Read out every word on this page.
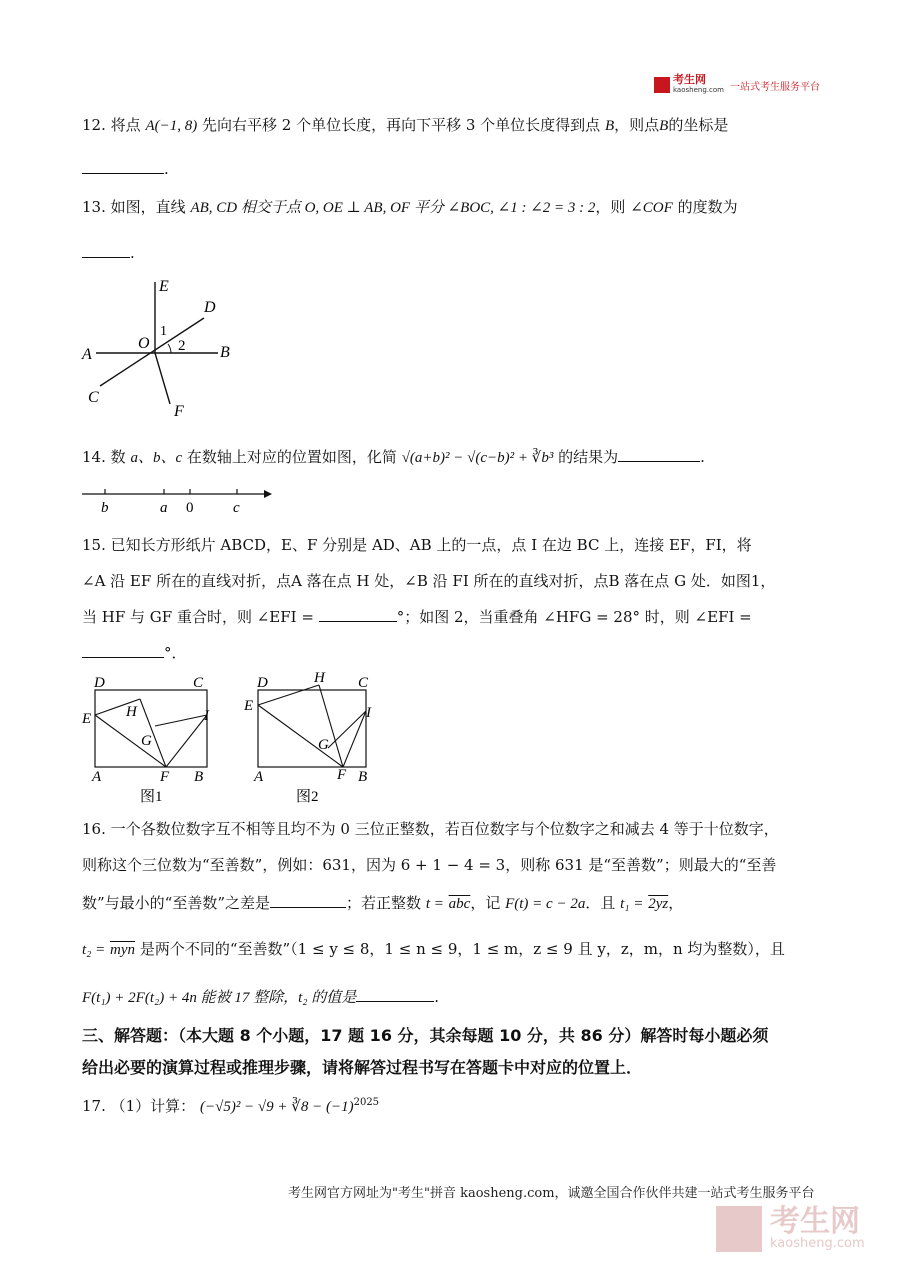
考生网
kaosheng.com 一站式考生服务平台
12. 将点 A(−1, 8) 先向右平移 2 个单位长度，再向下平移 3 个单位长度得到点 B，则点B的坐标是
.
13. 如图，直线 AB, CD 相交于点 O, OE ⊥ AB, OF 平分 ∠BOC, ∠1 : ∠2 = 3 : 2，则 ∠COF 的度数为
.
E
D
O
1
2
A	B
C
F
14. 数 a、b、c 在数轴上对应的位置如图，化简 √(a+b)² − √(c−b)² + ∛b³ 的结果为	.
b	a 0	c
15. 已知长方形纸片 ABCD，E、F 分别是 AD、AB 上的一点，点 I 在边 BC 上，连接 EF，FI，将
∠A 沿 EF 所在的直线对折，点A 落在点 H 处，∠B 沿 FI 所在的直线对折，点B 落在点 G 处．如图1，
当 HF 与 GF 重合时，则 ∠EFI =	°；如图 2，当重叠角 ∠HFG = 28° 时，则 ∠EFI =
°．
D	C
E H	I
G
A	F B
图1
D	H C
E	I
G
A	F B
图2
16. 一个各数位数字互不相等且均不为 0 三位正整数，若百位数字与个位数字之和减去 4 等于十位数字，
则称这个三位数为“至善数”，例如：631，因为 6 + 1 − 4 = 3，则称 631 是“至善数”；则最大的“至善
数”与最小的“至善数”之差是	；若正整数 $t = \overline{abc}$，记 F(t) = c − 2a．且 t₁ = 2yz，
$t_2 = \overline{myn}$ 是两个不同的“至善数”（1 ≤ y ≤ 8，1 ≤ n ≤ 9，1 ≤ m，z ≤ 9 且 y，z，m，n 均为整数），且
F(t₁) + 2F(t₂) + 4n 能被 17 整除，t₂ 的值是	.
三、解答题：（本大题 8 个小题，17 题 16 分，其余每题 10 分，共 86 分）解答时每小题必须
给出必要的演算过程或推理步骤，请将解答过程书写在答题卡中对应的位置上．
17. （1）计算： (−√5)² − √9 + ∛8 − $(-1)^{2025}$
考生网官方网址为"考生"拼音 kaosheng.com，诚邀全国合作伙伴共建一站式考生服务平台
考生网
kaosheng.com
